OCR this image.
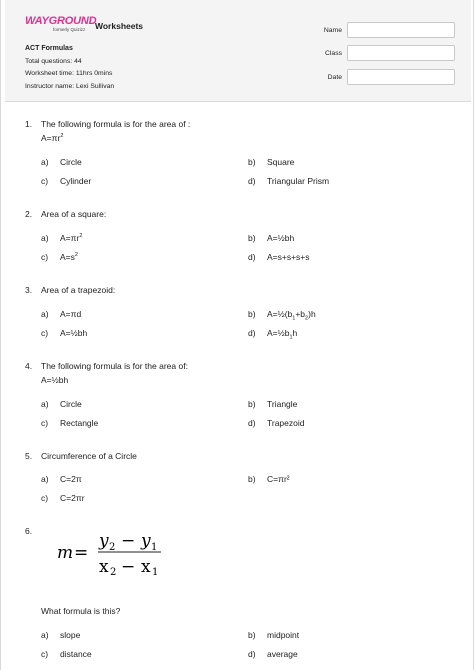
WAYGROUND
formerly Quizizz Worksheets
ACT Formulas
Total questions: 44
Worksheet time: 11hrs 0mins
Instructor name: Lexi Sullivan
Name
Class
Date
1. The following formula is for the area of :
$A=\pi r^2$
a) Circle	b) Square
c) Cylinder	d) Triangular Prism
2. Area of a square:
a) $A=\pi r^2$	b) A=½bh
c) $A=s^2$	d) A=s+s+s+s
3. Area of a trapezoid:
a) A=πd	b) $A=\frac{1}{2}(b_1+b_2)h$
c) A=½bh	d) $A=\frac{1}{2}b_1h$
4. The following formula is for the area of:
A=½bh
a) Circle	b) Triangle
c) Rectangle	d) Trapezoid
5. Circumference of a Circle
a) C=2π	b) C=πr²
c) C=2πr
6.
m =
y 2 − y 1
x 2 − x 1
What formula is this?
a) slope	b) midpoint
c) distance	d) average
